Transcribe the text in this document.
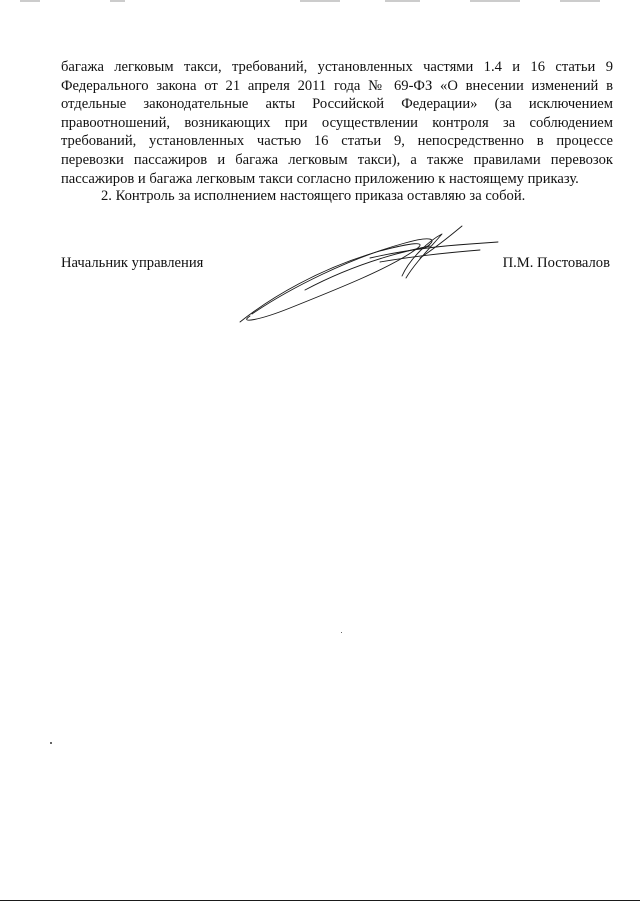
багажа легковым такси, требований, установленных частями 1.4 и 16 статьи 9
Федерального закона от 21 апреля 2011 года № 69-ФЗ «О внесении изменений в
отдельные законодательные акты Российской Федерации» (за исключением
правоотношений, возникающих при осуществлении контроля за соблюдением
требований, установленных частью 16 статьи 9, непосредственно в процессе
перевозки пассажиров и багажа легковым такси), а также правилами перевозок
пассажиров и багажа легковым такси согласно приложению к настоящему приказу.
2. Контроль за исполнением настоящего приказа оставляю за собой.
Начальник управления	П.М. Постовалов
